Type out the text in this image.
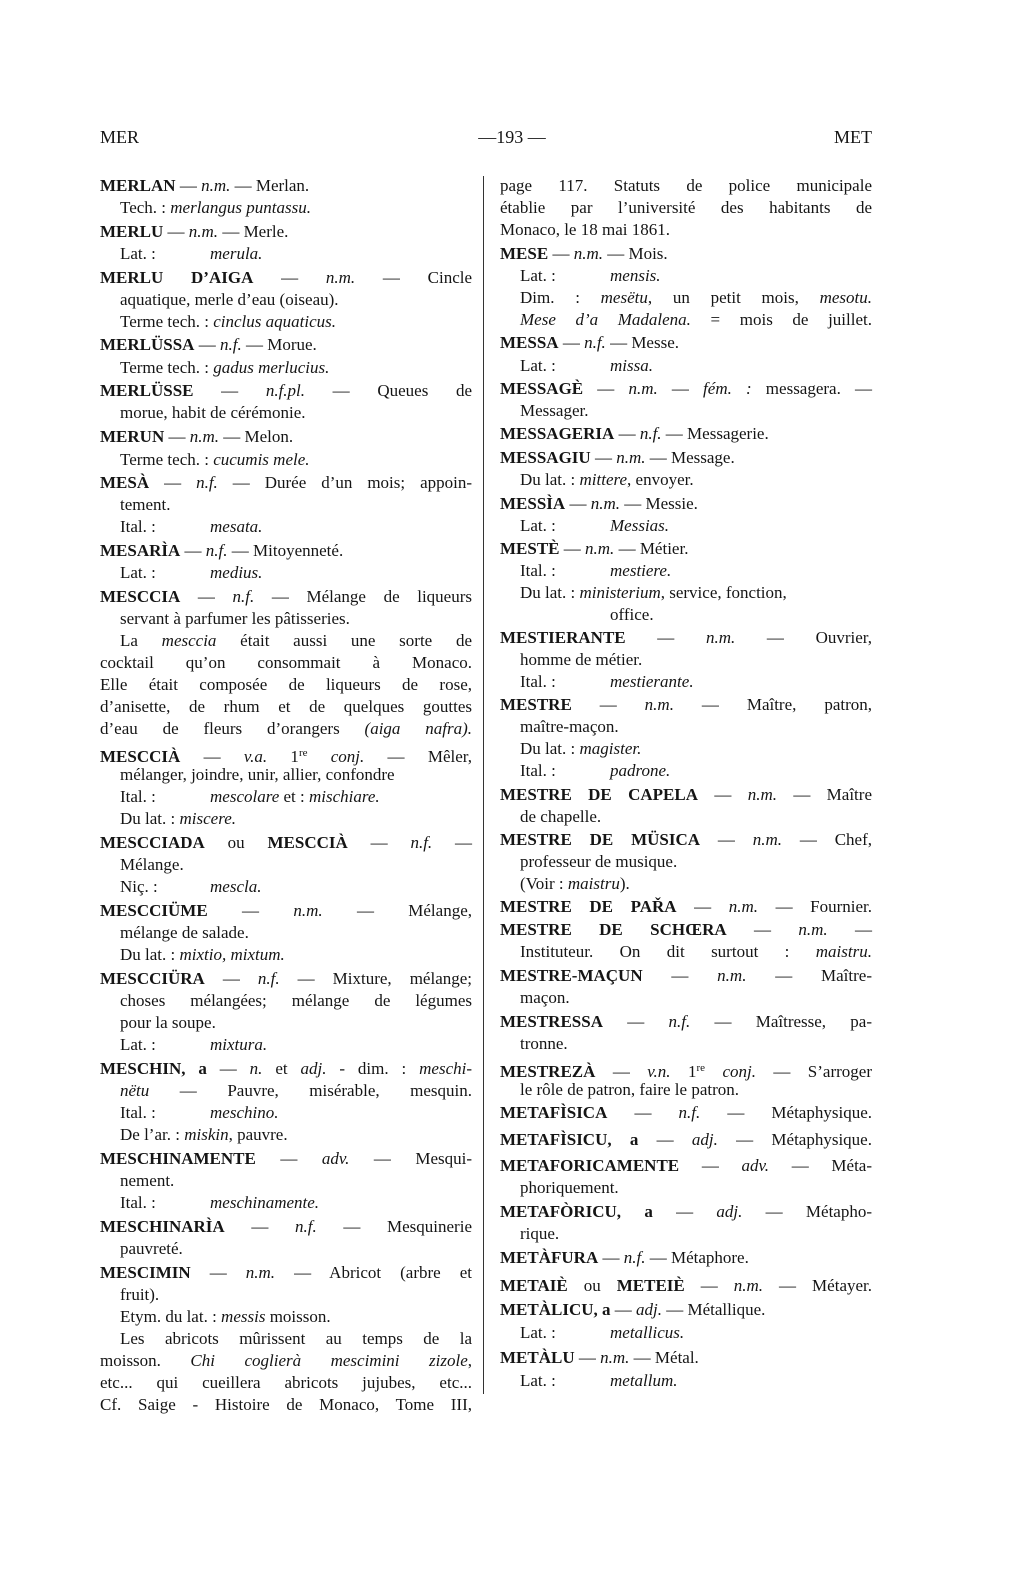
MER	—193 —	MET
MERLAN — n.m. — Merlan.
Tech. : merlangus puntassu.
MERLU — n.m. — Merle.
Lat. :	merula.
MERLU D’AIGA — n.m. — Cincle
aquatique, merle d’eau (oiseau).
Terme tech. : cinclus aquaticus.
MERLÜSSA — n.f. — Morue.
Terme tech. : gadus merlucius.
MERLÜSSE — n.f.pl. — Queues de
morue, habit de cérémonie.
MERUN — n.m. — Melon.
Terme tech. : cucumis mele.
MESÀ — n.f. — Durée d’un mois; appoin-
tement.
Ital. :	mesata.
MESARÌA — n.f. — Mitoyenneté.
Lat. :	medius.
MESCCIA — n.f. — Mélange de liqueurs
servant à parfumer les pâtisseries.
La mesccia était aussi une sorte de
cocktail qu’on consommait à Monaco.
Elle était composée de liqueurs de rose,
d’anisette, de rhum et de quelques gouttes
d’eau de fleurs d’orangers (aiga nafra).
MESCCIÀ — v.a. 1re conj. — Mêler,
mélanger, joindre, unir, allier, confondre
Ital. :	mescolare et : mischiare.
Du lat. : miscere.
MESCCIADA ou MESCCIÀ — n.f. —
Mélange.
Niç. :	mescla.
MESCCIÜME — n.m. — Mélange,
mélange de salade.
Du lat. : mixtio, mixtum.
MESCCIÜRA — n.f. — Mixture, mélange;
choses mélangées; mélange de légumes
pour la soupe.
Lat. :	mixtura.
MESCHIN, a — n. et adj. - dim. : meschi-
nëtu — Pauvre, misérable, mesquin.
Ital. :	meschino.
De l’ar. : miskin, pauvre.
MESCHINAMENTE — adv. — Mesqui-
nement.
Ital. :	meschinamente.
MESCHINARÌA — n.f. — Mesquinerie
pauvreté.
MESCIMIN — n.m. — Abricot (arbre et
fruit).
Etym. du lat. : messis moisson.
Les abricots mûrissent au temps de la
moisson. Chi coglierà mescimini zizole,
etc... qui cueillera abricots jujubes, etc...
Cf. Saige - Histoire de Monaco, Tome III,
page 117. Statuts de police municipale
établie par l’université des habitants de
Monaco, le 18 mai 1861.
MESE — n.m. — Mois.
Lat. :	mensis.
Dim. : mesëtu, un petit mois, mesotu.
Mese d’a Madalena. = mois de juillet.
MESSA — n.f. — Messe.
Lat. :	missa.
MESSAGÈ — n.m. — fém. : messagera. —
Messager.
MESSAGERIA — n.f. — Messagerie.
MESSAGIU — n.m. — Message.
Du lat. : mittere, envoyer.
MESSÌA — n.m. — Messie.
Lat. :	Messias.
MESTÈ — n.m. — Métier.
Ital. :	mestiere.
Du lat. : ministerium, service, fonction,
office.
MESTIERANTE — n.m. — Ouvrier,
homme de métier.
Ital. :	mestierante.
MESTRE — n.m. — Maître, patron,
maître-maçon.
Du lat. : magister.
Ital. :	padrone.
MESTRE DE CAPELA — n.m. — Maître
de chapelle.
MESTRE DE MÜSICA — n.m. — Chef,
professeur de musique.
(Voir : maistru).
MESTRE DE PAŘA — n.m. — Fournier.
MESTRE DE SCHŒRA — n.m. —
Instituteur. On dit surtout : maistru.
MESTRE-MAÇUN — n.m. — Maître-
maçon.
MESTRESSA — n.f. — Maîtresse, pa-
tronne.
MESTREZÀ — v.n. 1re conj. — S’arroger
le rôle de patron, faire le patron.
METAFÌSICA — n.f. — Métaphysique.
METAFÌSICU, a — adj. — Métaphysique.
METAFORICAMENTE — adv. — Méta-
phoriquement.
METAFÒRICU, a — adj. — Métapho-
rique.
METÀFURA — n.f. — Métaphore.
METAIÈ ou METEIÈ — n.m. — Métayer.
METÀLICU, a — adj. — Métallique.
Lat. :	metallicus.
METÀLU — n.m. — Métal.
Lat. :	metallum.
